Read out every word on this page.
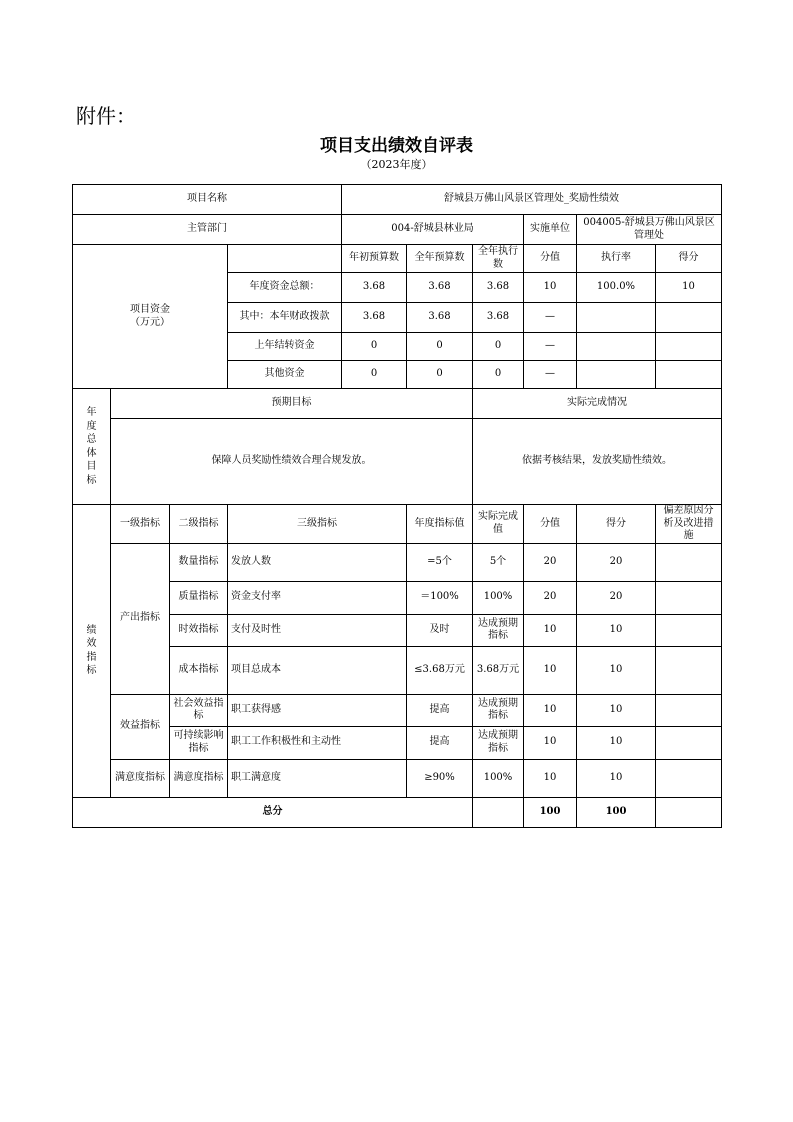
附件：
项目支出绩效自评表
（2023年度）
项目名称				舒城县万佛山风景区管理处_奖励性绩效					
主管部门				004-舒城县林业局			实施单位	004005-舒城县万佛山风景区管理处	
项目资金
（万元）				年初预算数	全年预算数	全年执行数	分值	执行率	得分
			年度资金总额：	3.68	3.68	3.68	10	100.0%	10
			其中：本年财政拨款	3.68	3.68	3.68	—		
			上年结转资金	0	0	0	—		
			其他资金	0	0	0	—		
年度总体目标	预期目标					实际完成情况			
	保障人员奖励性绩效合理合规发放。					依据考核结果，发放奖励性绩效。			
绩效指标	一级指标	二级指标	三级指标		年度指标值	实际完成值	分值	得分	偏差原因分析及改进措施
	产出指标	数量指标	发放人数		=5个	5个	20	20	
		质量指标	资金支付率		＝100%	100%	20	20	
		时效指标	支付及时性		及时	达成预期指标	10	10	
		成本指标	项目总成本		≤3.68万元	3.68万元	10	10	
	效益指标	社会效益指标	职工获得感		提高	达成预期指标	10	10	
		可持续影响指标	职工工作积极性和主动性		提高	达成预期指标	10	10	
	满意度指标	满意度指标	职工满意度		≥90%	100%	10	10	
总分							100	100	
